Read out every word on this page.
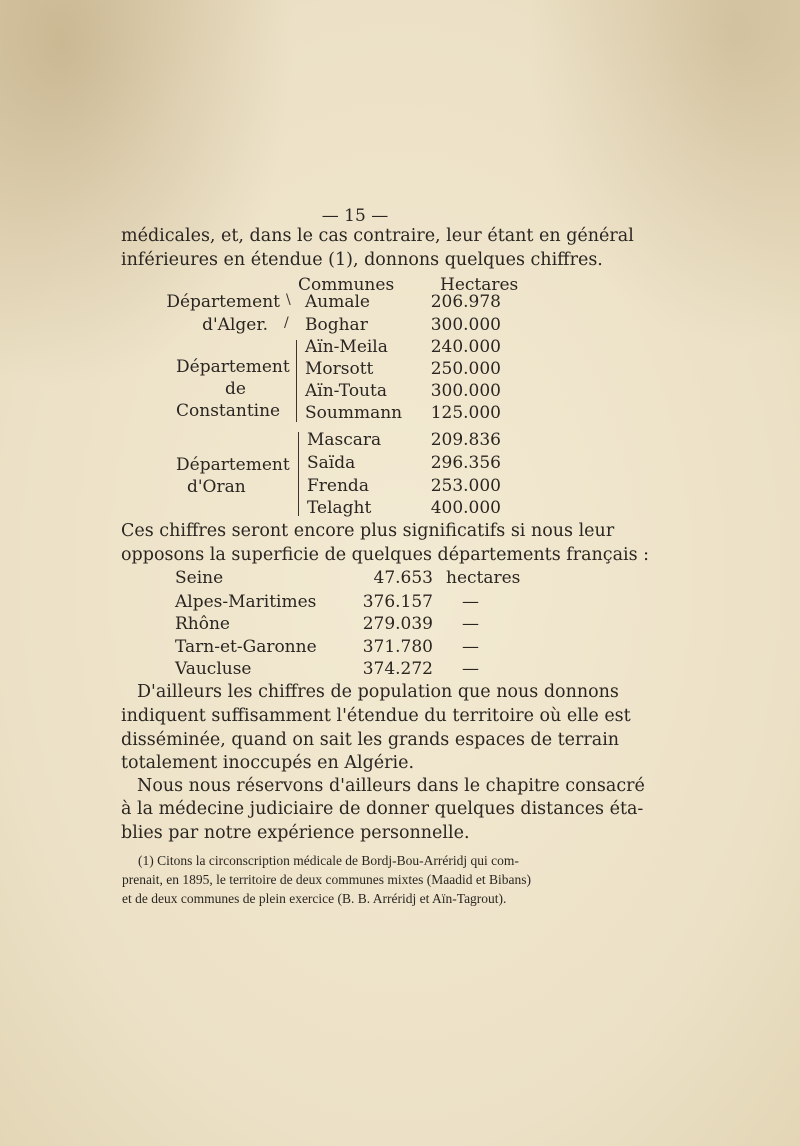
— 15 —
médicales, et, dans le cas contraire, leur étant en général
inférieures en étendue (1), donnons quelques chiffres.
Communes	Hectares
Département
d'Alger.
\
/
Aumale	206.978
Boghar	300.000
Département
de
Constantine
Aïn-Meila	240.000
Morsott	250.000
Aïn-Touta	300.000
Soummann	125.000
Département
d'Oran
Mascara	209.836
Saïda	296.356
Frenda	253.000
Telaght	400.000
Ces chiffres seront encore plus significatifs si nous leur
opposons la superficie de quelques départements français :
Seine	47.653 hectares
Alpes-Maritimes	376.157 —
Rhône	279.039 —
Tarn-et-Garonne	371.780 —
Vaucluse	374.272 —
D'ailleurs les chiffres de population que nous donnons
indiquent suffisamment l'étendue du territoire où elle est
disséminée, quand on sait les grands espaces de terrain
totalement inoccupés en Algérie.
Nous nous réservons d'ailleurs dans le chapitre consacré
à la médecine judiciaire de donner quelques distances éta-
blies par notre expérience personnelle.
(1) Citons la circonscription médicale de Bordj-Bou-Arréridj qui com-
prenait, en 1895, le territoire de deux communes mixtes (Maadid et Bibans)
et de deux communes de plein exercice (B. B. Arréridj et Aïn-Tagrout).
